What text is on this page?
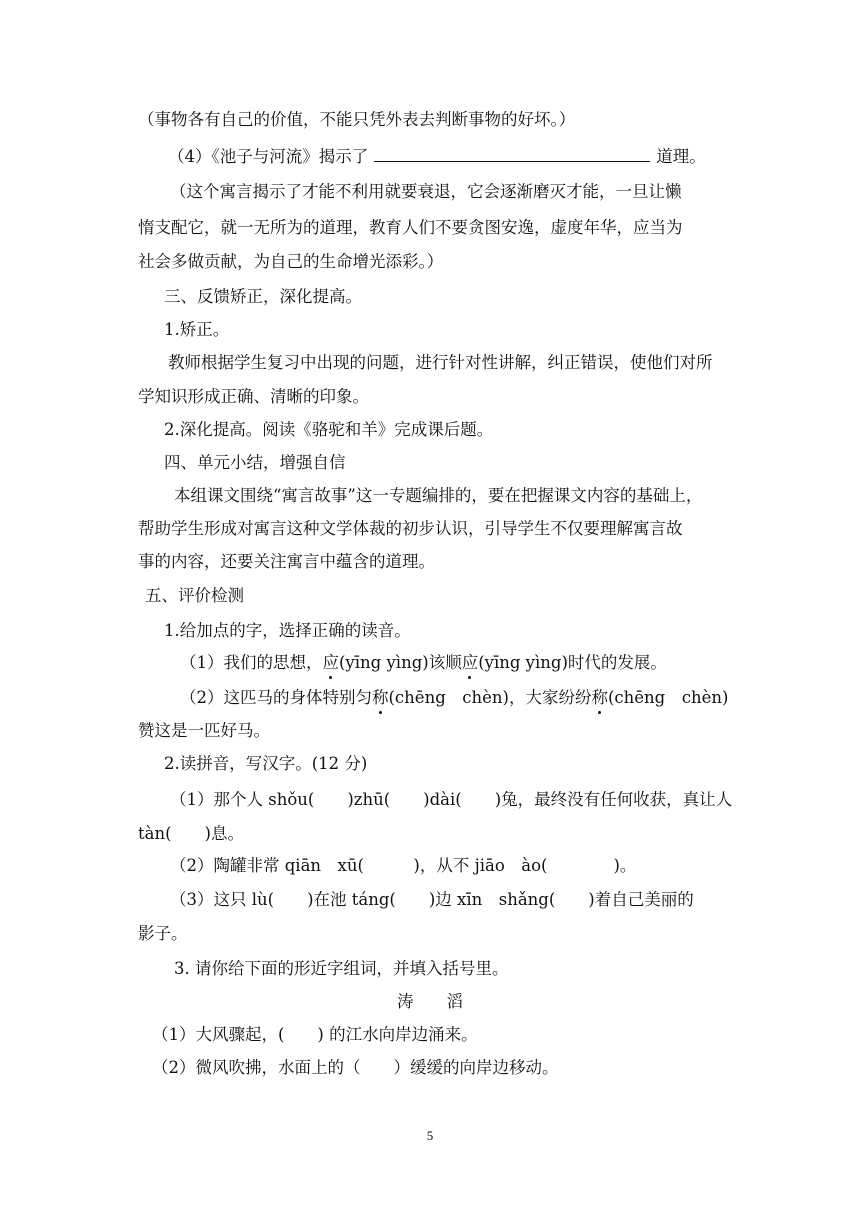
（事物各有自己的价值，不能只凭外表去判断事物的好坏。）
（4）《池子与河流》揭示了	道理。
（这个寓言揭示了才能不利用就要衰退，它会逐渐磨灭才能，一旦让懒
惰支配它，就一无所为的道理，教育人们不要贪图安逸，虚度年华，应当为
社会多做贡献，为自己的生命增光添彩。）
三、反馈矫正，深化提高。
1.矫正。
教师根据学生复习中出现的问题，进行针对性讲解，纠正错误，使他们对所
学知识形成正确、清晰的印象。
2.深化提高。阅读《骆驼和羊》完成课后题。
四、单元小结，增强自信
本组课文围绕“寓言故事”这一专题编排的，要在把握课文内容的基础上，
帮助学生形成对寓言这种文学体裁的初步认识，引导学生不仅要理解寓言故
事的内容，还要关注寓言中蕴含的道理。
五、评价检测
1.给加点的字，选择正确的读音。
（1）我们的思想，应(yīng yìng)该顺应(yīng yìng)时代的发展。
（2）这匹马的身体特别匀称(chēng　chèn)，大家纷纷称(chēng　chèn)
赞这是一匹好马。
2.读拼音，写汉字。(12 分)
（1）那个人 shǒu(　　)zhū(　　)dài(　　)兔，最终没有任何收获，真让人
tàn(　　)息。
（2）陶罐非常 qiān　xū(　　　)，从不 jiāo　ào(　　　　)。
（3）这只 lù(　　)在池 táng(　　)边 xīn　shǎng(　　)着自己美丽的
影子。
3. 请你给下面的形近字组词，并填入括号里。
涛　　滔
（1）大风骤起，(　　) 的江水向岸边涌来。
（2）微风吹拂，水面上的（　　）缓缓的向岸边移动。
5
